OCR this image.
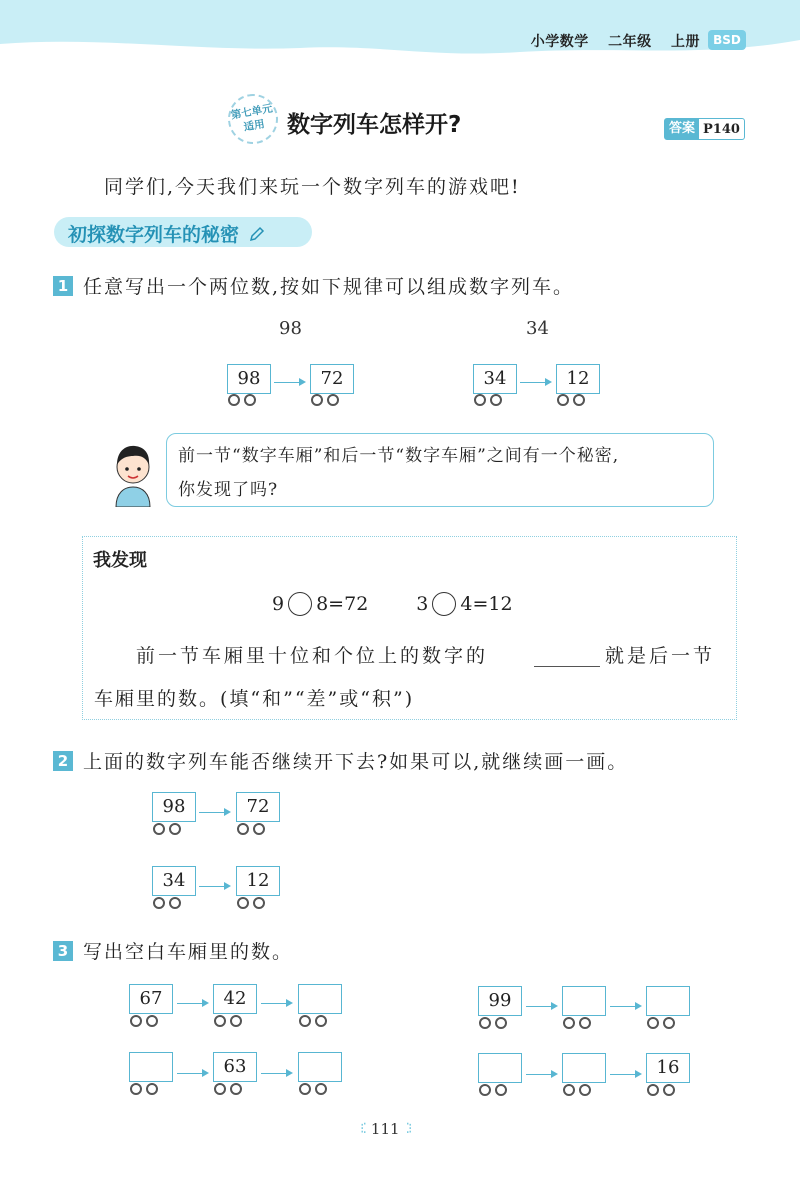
小学数学 二年级 上册	BSD
第七单元
适用 数字列车怎样开?	答案 P140
同学们,今天我们来玩一个数字列车的游戏吧!
初探数字列车的秘密
1 任意写出一个两位数,按如下规律可以组成数字列车。
98	34
98	72	34	12
前一节“数字车厢”和后一节“数字车厢”之间有一个秘密,
你发现了吗?
我发现
9 8=72	3 4=12
前一节车厢里十位和个位上的数字的	就是后一节
车厢里的数。(填“和”“差”或“积”)
2 上面的数字列车能否继续开下去?如果可以,就继续画一画。
98	72
34	12
3 写出空白车厢里的数。
67	42
63
99
16
⁝⁚ 111 ⁚⁝
